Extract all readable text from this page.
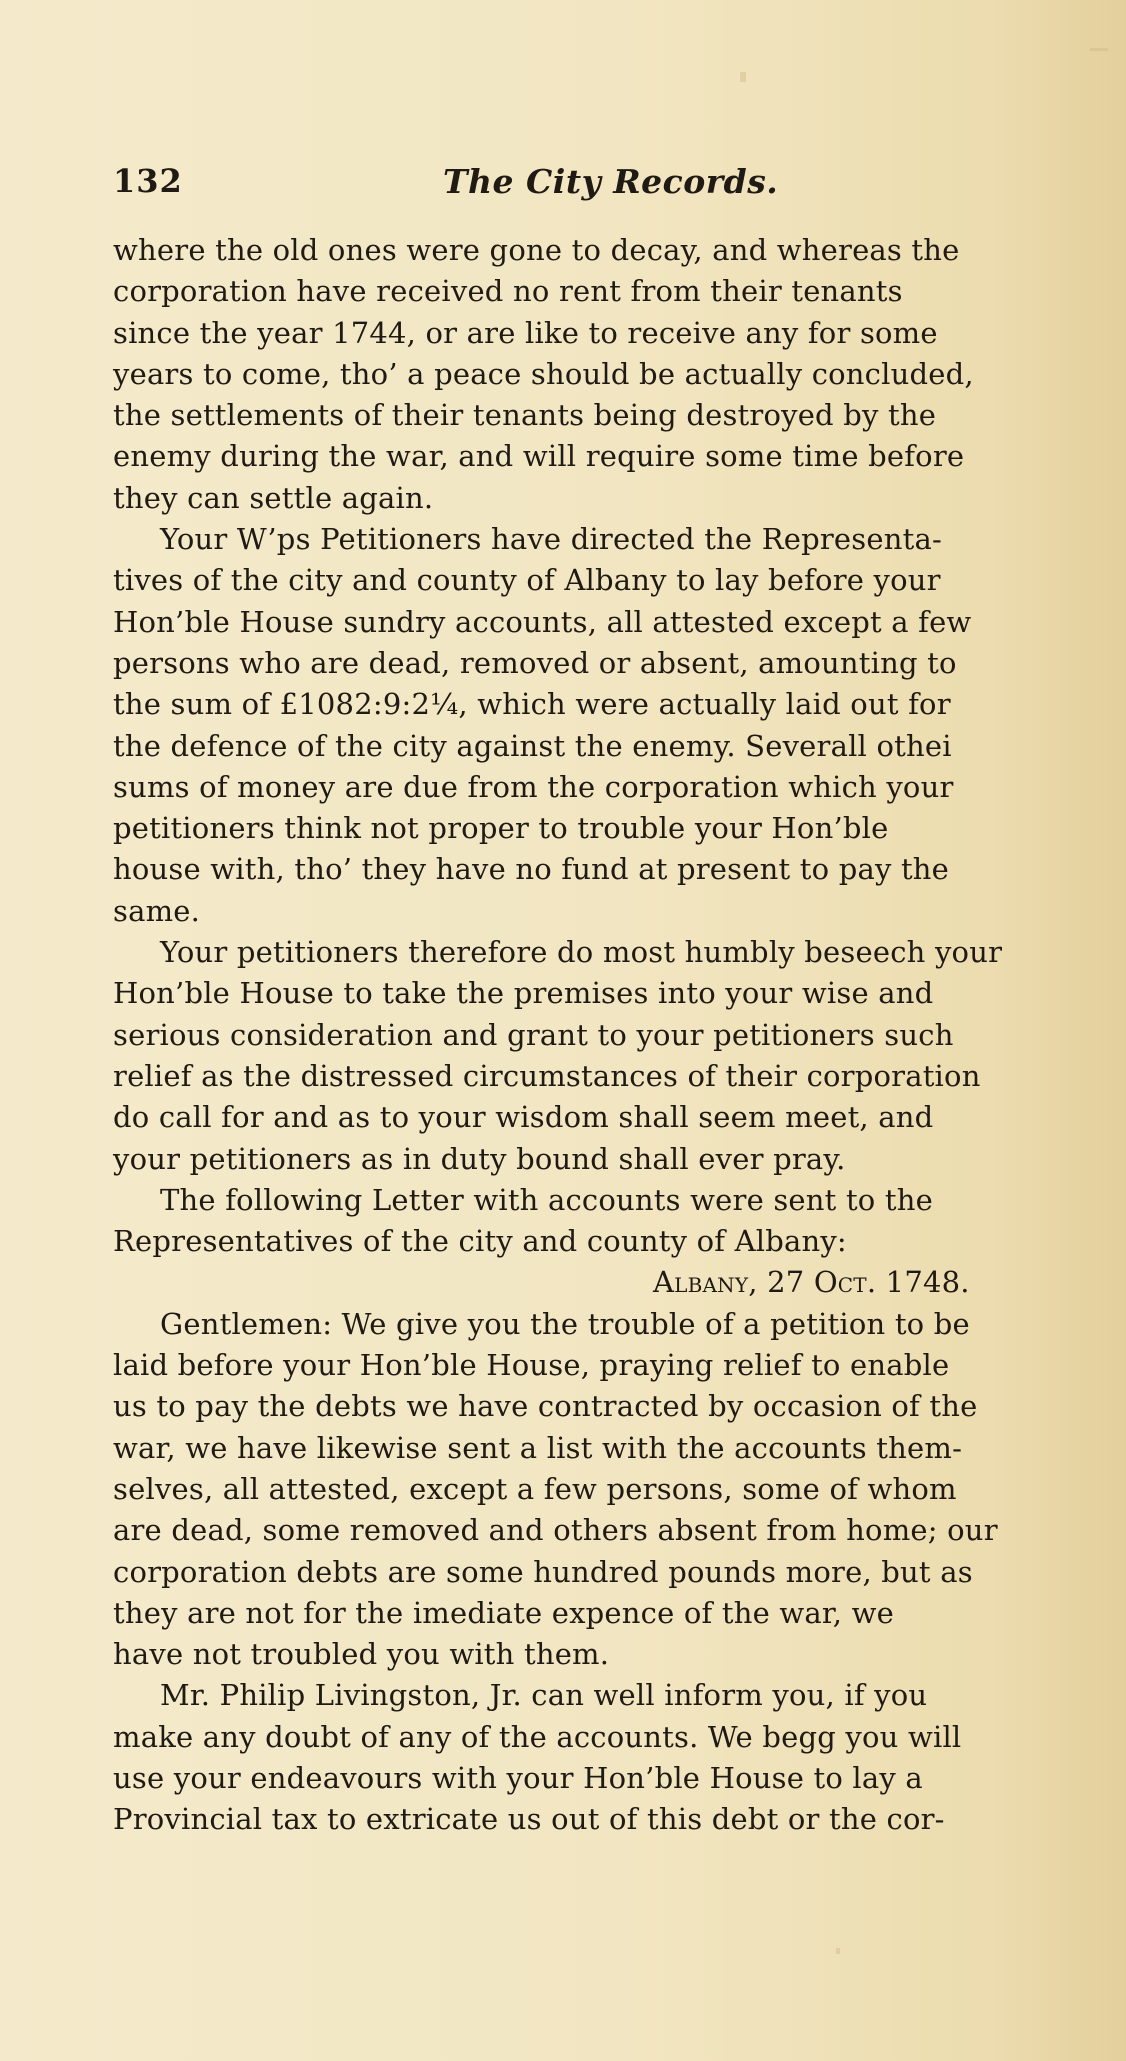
132	The City Records.
where the old ones were gone to decay, and whereas the
corporation have received no rent from their tenants
since the year 1744, or are like to receive any for some
years to come, tho’ a peace should be actually concluded,
the settlements of their tenants being destroyed by the
enemy during the war, and will require some time before
they can settle again.
Your W’ps Petitioners have directed the Representa-
tives of the city and county of Albany to lay before your
Hon’ble House sundry accounts, all attested except a few
persons who are dead, removed or absent, amounting to
the sum of £1082:9:2¼, which were actually laid out for
the defence of the city against the enemy. Severall othei
sums of money are due from the corporation which your
petitioners think not proper to trouble your Hon’ble
house with, tho’ they have no fund at present to pay the
same.
Your petitioners therefore do most humbly beseech your
Hon’ble House to take the premises into your wise and
serious consideration and grant to your petitioners such
relief as the distressed circumstances of their corporation
do call for and as to your wisdom shall seem meet, and
your petitioners as in duty bound shall ever pray.
The following Letter with accounts were sent to the
Representatives of the city and county of Albany:
Albany, 27 Oct. 1748.
Gentlemen: We give you the trouble of a petition to be
laid before your Hon’ble House, praying relief to enable
us to pay the debts we have contracted by occasion of the
war, we have likewise sent a list with the accounts them-
selves, all attested, except a few persons, some of whom
are dead, some removed and others absent from home; our
corporation debts are some hundred pounds more, but as
they are not for the imediate expence of the war, we
have not troubled you with them.
Mr. Philip Livingston, Jr. can well inform you, if you
make any doubt of any of the accounts. We begg you will
use your endeavours with your Hon’ble House to lay a
Provincial tax to extricate us out of this debt or the cor-
